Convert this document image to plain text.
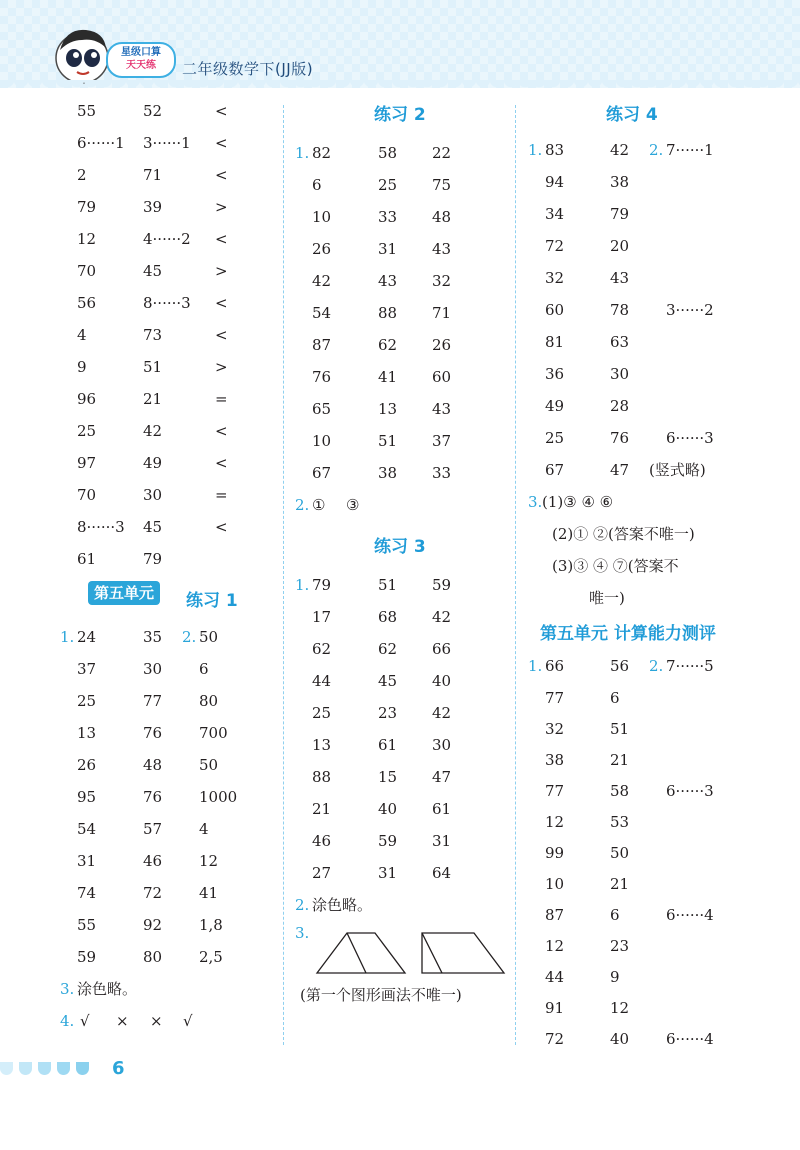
星级口算
天天练	二年级数学下(JJ版)
55	52	<
6······1 3······1 <
2	71	<
79	39	>
12	4······2 <
70	45	>
56	8······3 <
4	73	<
9	51	>
96	21	=
25	42	<
97	49	<
70	30	=
8······3 45	<
61	79
第五单元	练习 1
1. 24	35 2. 50
37	30 6
25	77 80
13	76 700
26	48 50
95	76 1000
54	57 4
31	46 12
74	72 41
55	92 1,8
59	80 2,5
3. 涂色略。
4. √ × × √
练习 2
1. 82	58 22
6	25 75
10	33 48
26	31 43
42	43 32
54	88 71
87	62 26
76	41 60
65	13 43
10	51 37
67	38 33
2. ① ③
练习 3
1. 79	51 59
17	68 42
62	62 66
44	45 40
25	23 42
13	61 30
88	15 47
21	40 61
46	59 31
27	31 64
2. 涂色略。
3.
(第一个图形画法不唯一)
练习 4
1. 83	42 2. 7······1
94	38
34	79
72	20
32	43
60	78 3······2
81	63
36	30
49	28
25	76 6······3
67	47 (竖式略)
3. (1)③ ④ ⑥
(2)① ②(答案不唯一)
(3)③ ④ ⑦(答案不
唯一)
第五单元 计算能力测评
1. 66	56 2. 7······5
77	6
32	51
38	21
77	58 6······3
12	53
99	50
10	21
87	6	6······4
12	23
44	9
91	12
72	40 6······4
6
